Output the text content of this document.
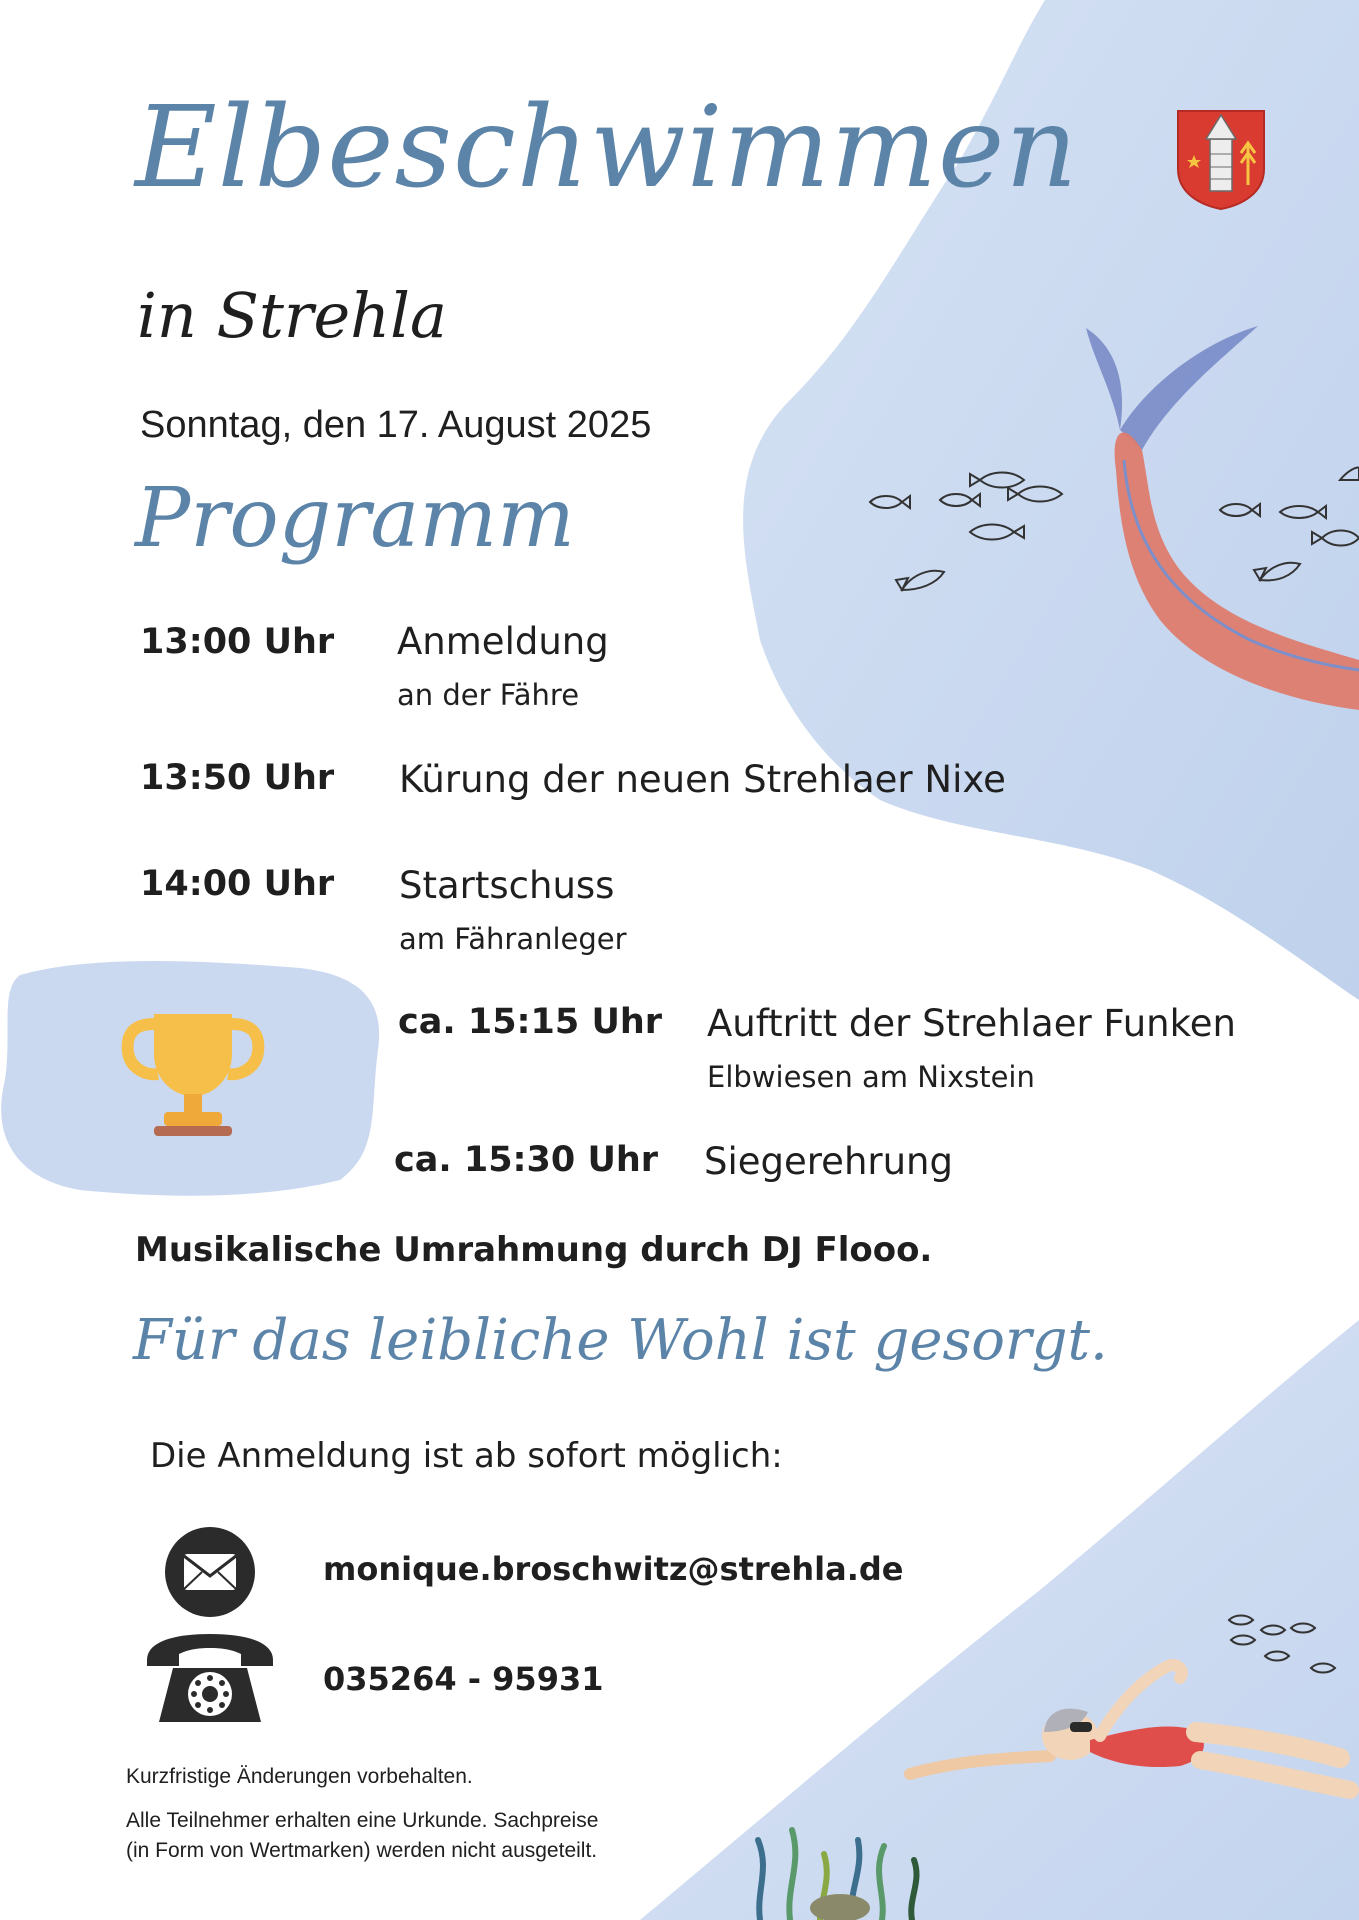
Elbeschwimmen
in Strehla
Sonntag, den 17. August 2025
Programm
13:00 Uhr Anmeldung
an der Fähre
13:50 Uhr Kürung der neuen Strehlaer Nixe
14:00 Uhr Startschuss
am Fähranleger
ca. 15:15 Uhr Auftritt der Strehlaer Funken
Elbwiesen am Nixstein
ca. 15:30 Uhr Siegerehrung
Musikalische Umrahmung durch DJ Flooo.
Für das leibliche Wohl ist gesorgt.
Die Anmeldung ist ab sofort möglich:
monique.broschwitz@strehla.de
035264 - 95931
Kurzfristige Änderungen vorbehalten.
Alle Teilnehmer erhalten eine Urkunde. Sachpreise
(in Form von Wertmarken) werden nicht ausgeteilt.
